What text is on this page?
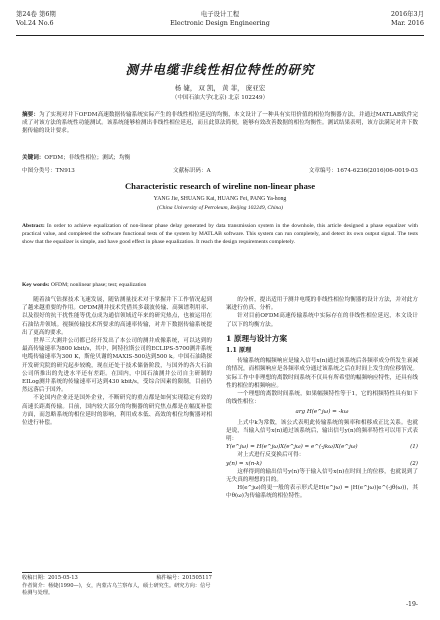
第24卷 第6期	电子设计工程	2016年3月
Vol.24 No.6	Electronic Design Engineering	Mar. 2016
测井电缆非线性相位特性的研究
杨 婕， 双 凯， 黄 菲， 庞亚宏
（中国石油大学(北京) 北京 102249）
摘要：为了实现对井下OFDM高速数据传输系统实际产生的非线性相位延迟的均衡，本文设计了一种具有实用价值的相位均衡器方法，并通过MATLAB软件完成了对该方法的系统性功能测试。该系统能够检测出非线性相位延迟，而且此算法简便，能够有效改善数据的相位均衡性。测试结果表明，该方法满足对井下数据传输的设计要求。
关键词：OFDM；非线性相位；测试；均衡
中图分类号：TN913	文献标识码：A	文章编号：1674-6236(2016)06-0019-03
Characteristic research of wireline non-linear phase
YANG Jie, SHUANG Kai, HUANG Fei, PANG Ya-hong
(China University of Petroleum, Beijing 102249, China)
Abstract: In order to achieve equalization of non-linear phase delay generated by data transmission system in the downhole, this article designed a phase equalizer with practical value, and completed the software functional tests of the system by MATLAB software. This system can run completely, and detect its own output signal. The tests show that the equalizer is simple, and have good effect in phase equalization. It reach the design requirements completely.
Key words: OFDM; nonlinear phase; test; equalization

随着油气钻探技术飞速发展，随钻测量技术对于掌握井下工作情况起到了越来越重要的作用。OFDM测井技术凭借其多载波传输、高频谱利用率、以及很好的抗干扰性能等优点成为通信领域近年来的研究热点，也被运用在石油钻井领域。视频传输技术所要求的高速率传输，对井下数据传输系统提出了更高的要求。

世界三大测井公司都已经开发出了本公司的测井成像系统，可以达到的最高传输速率为800 kbit/s，其中，阿特拉斯公司的ECLIPS-5700测井系统电缆传输速率为300 K，斯伦贝谢的MAXIS-500达到500 k。中国石油勘探开发研究院的研究起步较晚，现在还处于技术储备阶段，与国外的各大石油公司所推出的先进水平还有差距。在国内，中国石油测井公司自主研制的EILog测井系统的传输速率可达到430 kbit/s，受综合因素的限制，目前仍然远落后于国外。

不论国内企业还是国外企业，不断研究的重点都是如何实现稳定有效的高速长距离传输。目前，国内较大部分的均衡器的研究焦点都是在幅度补偿方面，而忽略系统的相位延时的影响，利用成本低、高效的相位均衡器对相位进行补偿。

的分析，提出适用于测井电缆的非线性相位均衡器的设计方法，并对此方案进行仿真、分析。

针对目前OFDM高速传输系统中实际存在的非线性相位延迟，本文设计了以下的均衡方法。

1 原理与设计方案
1.1 原理

传输系统的幅频响应是输入信号x(n)通过该系统后各频率成分所发生衰减的情况，而相频响应是各频率成分通过该系统之后在时间上发生的位移情况。实际工作中非理想的离散时间系统不仅具有所希望的幅频响应特性，还具有线性的相位的相频响应。

一个理想的离散时间系统，如果幅频特性等于1，它的相频特性具有如下的线性相位：

arg H(e^jω) = -kω

上式中k为常数，该公式表明此传输系统的频率和相移成正比关系。也就是说，当输入信号x(n)通过该系统后，输出信号y(n)的频率特性可以用下式表明：

Y(e^jω) = H(e^jω)X(e^jω) = e^(-jkω)X(e^jω)	(1)

对上式进行反变换后可得：

y(n) = x(n-k)	(2)

这样得到的输出信号y(n)等于输入信号x(n)在时间上的位移，也就说到了无失真的理想的目的。

H(e^jω)的更一般的表示形式是H(e^jω) = |H(e^jω)|e^(-jθ(ω))，其中θ(ω)为传输系统的相位特性。

收稿日期：2015-05-13	稿件编号：201505117
作者简介：杨婕(1990—)，女，内蒙古乌兰察布人，硕士研究生。研究方向：信号检测与处理。
-19-
